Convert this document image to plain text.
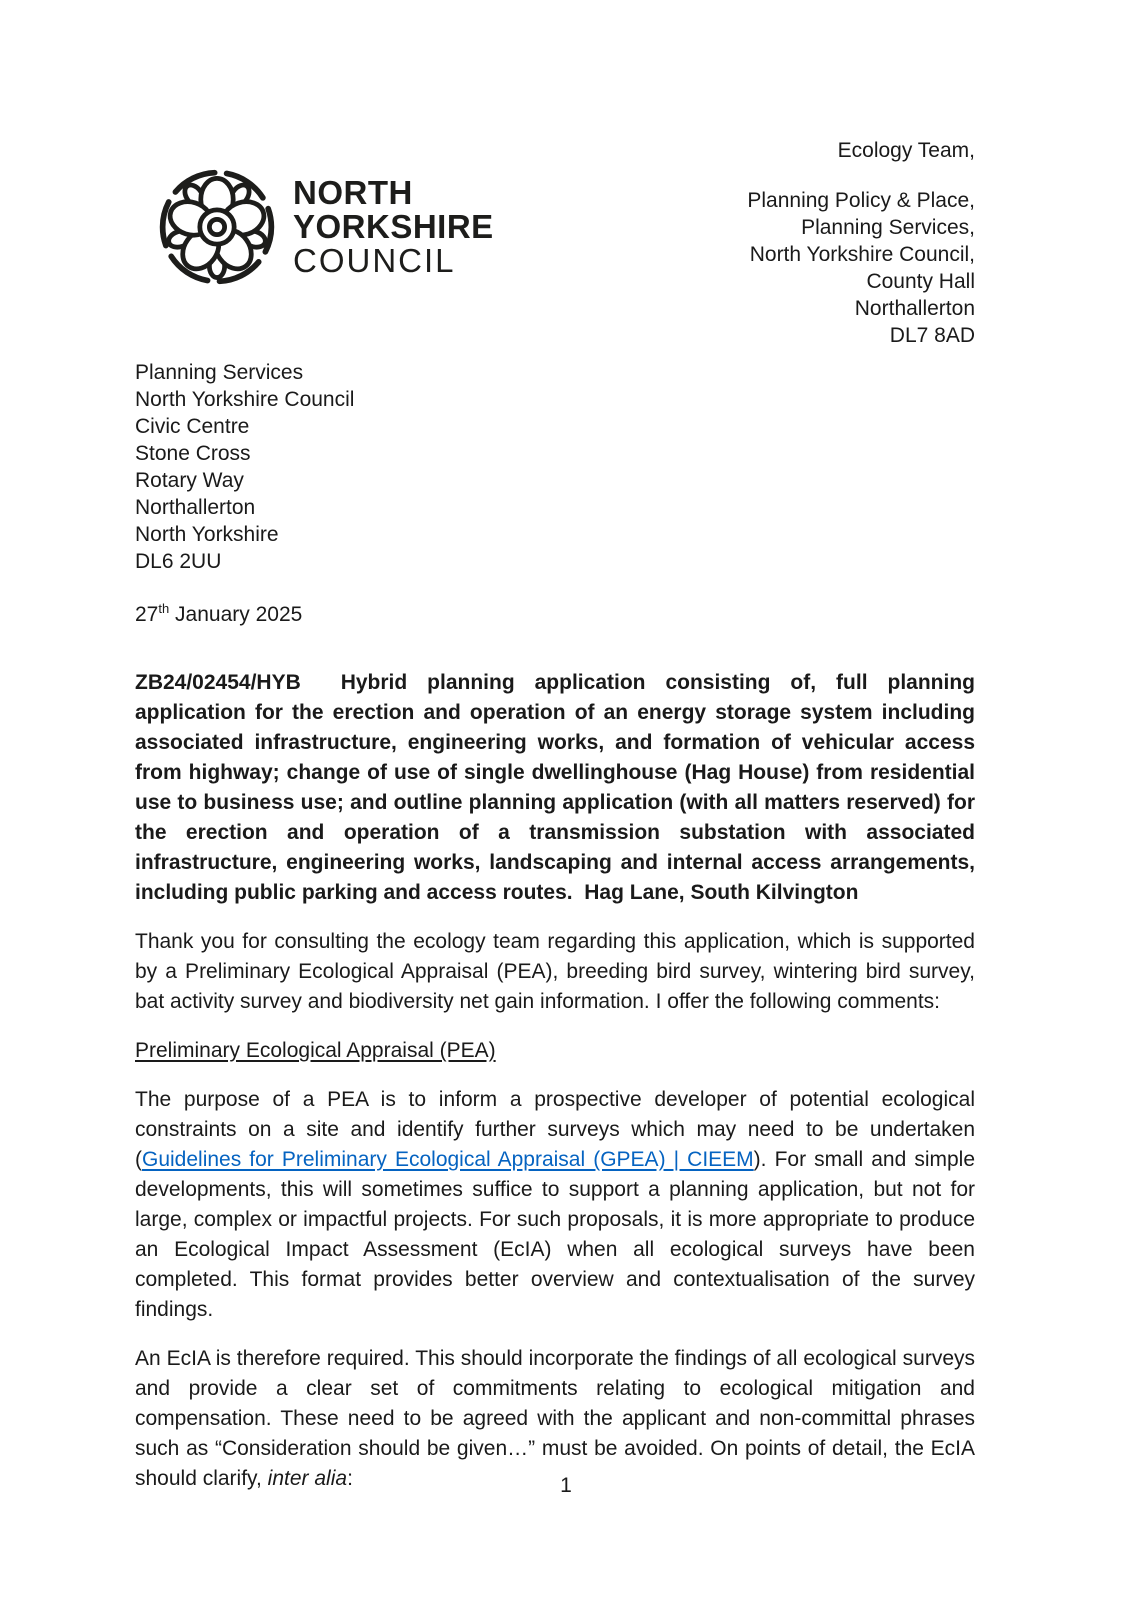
NORTH
YORKSHIRE
COUNCIL
Ecology Team,
Planning Policy & Place,
Planning Services,
North Yorkshire Council,
County Hall
Northallerton
DL7 8AD
Planning Services
North Yorkshire Council
Civic Centre
Stone Cross
Rotary Way
Northallerton
North Yorkshire
DL6 2UU
27th January 2025

ZB24/02454/HYB  Hybrid planning application consisting of, full planning application for the erection and operation of an energy storage system including associated infrastructure, engineering works, and formation of vehicular access from highway; change of use of single dwellinghouse (Hag House) from residential use to business use; and outline planning application (with all matters reserved) for the erection and operation of a transmission substation with associated infrastructure, engineering works, landscaping and internal access arrangements, including public parking and access routes.  Hag Lane, South Kilvington

Thank you for consulting the ecology team regarding this application, which is supported by a Preliminary Ecological Appraisal (PEA), breeding bird survey, wintering bird survey, bat activity survey and biodiversity net gain information. I offer the following comments:

Preliminary Ecological Appraisal (PEA)

The purpose of a PEA is to inform a prospective developer of potential ecological constraints on a site and identify further surveys which may need to be undertaken (Guidelines for Preliminary Ecological Appraisal (GPEA) | CIEEM). For small and simple developments, this will sometimes suffice to support a planning application, but not for large, complex or impactful projects. For such proposals, it is more appropriate to produce an Ecological Impact Assessment (EcIA) when all ecological surveys have been completed. This format provides better overview and contextualisation of the survey findings.

An EcIA is therefore required. This should incorporate the findings of all ecological surveys and provide a clear set of commitments relating to ecological mitigation and compensation. These need to be agreed with the applicant and non-committal phrases such as “Consideration should be given…” must be avoided. On points of detail, the EcIA should clarify, inter alia:	1
